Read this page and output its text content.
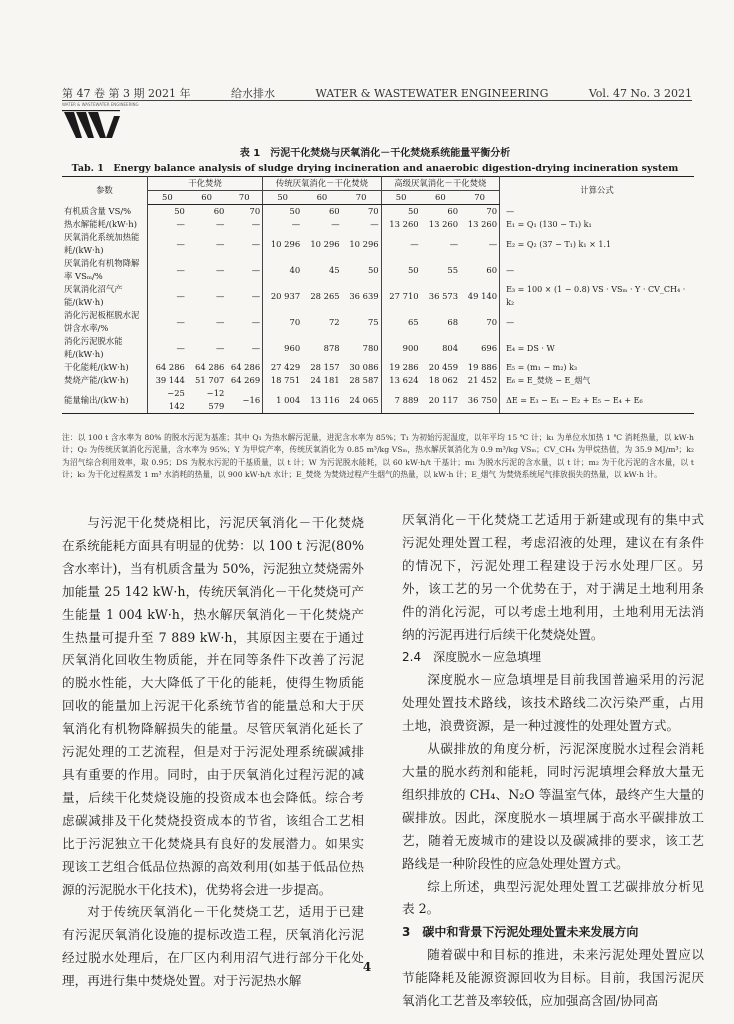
第 47 卷 第 3 期 2021 年	给水排水	WATER & WASTEWATER ENGINEERING	Vol. 47 No. 3 2021
WATER & WASTEWATER ENGINEERING
表 1　污泥干化焚烧与厌氧消化－干化焚烧系统能量平衡分析
Tab. 1　Energy balance analysis of sludge drying incineration and anaerobic digestion-drying incineration system
参数	干化焚烧			传统厌氧消化－干化焚烧			高级厌氧消化－干化焚烧			计算公式
	50	60	70	50	60	70	50	60	70	
有机质含量 VS/%	50	60	70	50	60	70	50	60	70	—
热水解能耗/(kW·h)	—	—	—	—	—	—	13 260	13 260	13 260	E₁ = Q₁ (130 − T₁) k₁
厌氧消化系统加热能耗/(kW·h)	—	—	—	10 296	10 296	10 296	—	—	—	E₂ = Q₂ (37 − T₁) k₁ × 1.1
厌氧消化有机物降解率 VSₘ/%	—	—	—	40	45	50	50	55	60	—
厌氧消化沼气产能/(kW·h)	—	—	—	20 937	28 265	36 639	27 710	36 573	49 140	E₃ = 100 × (1 − 0.8) VS · VSₘ · Y · CV_CH₄ · k₂
消化污泥板框脱水泥饼含水率/%	—	—	—	70	72	75	65	68	70	—
消化污泥脱水能耗/(kW·h)	—	—	—	960	878	780	900	804	696	E₄ = DS · W
干化能耗/(kW·h)	64 286	64 286	64 286	27 429	28 157	30 086	19 286	20 459	19 886	E₅ = (m₁ − m₂) k₃
焚烧产能/(kW·h)	39 144	51 707	64 269	18 751	24 181	28 587	13 624	18 062	21 452	E₆ = E_焚烧 − E_烟气
能量输出/(kW·h)	−25 142	−12 579	−16	1 004	13 116	24 065	7 889	20 117	36 750	ΔE = E₃ − E₁ − E₂ + E₅ − E₄ + E₆
注：以 100 t 含水率为 80% 的脱水污泥为基准；其中 Q₁ 为热水解污泥量，进泥含水率为 85%；T₁ 为初始污泥温度，以年平均 15 ℃ 计；k₁ 为单位水加热 1 ℃ 消耗热量，以 kW·h 计；Q₂ 为传统厌氧消化污泥量，含水率为 95%；Y 为甲烷产率，传统厌氧消化为 0.85 m³/kg VSₘ，热水解厌氧消化为 0.9 m³/kg VSₘ；CV_CH₄ 为甲烷热值，为 35.9 MJ/m³；k₂ 为沼气综合利用效率，取 0.95；DS 为脱水污泥的干基质量，以 t 计；W 为污泥脱水能耗，以 60 kW·h/t 干基计；m₁ 为脱水污泥的含水量，以 t 计；m₂ 为干化污泥的含水量，以 t 计；k₃ 为干化过程蒸发 1 m³ 水消耗的热量，以 900 kW·h/t 水计；E_焚烧 为焚烧过程产生烟气的热量，以 kW·h 计；E_烟气 为焚烧系统尾气排放损失的热量，以 kW·h 计。

与污泥干化焚烧相比，污泥厌氧消化－干化焚烧在系统能耗方面具有明显的优势：以 100 t 污泥(80% 含水率计)，当有机质含量为 50%，污泥独立焚烧需外加能量 25 142 kW·h，传统厌氧消化－干化焚烧可产生能量 1 004 kW·h，热水解厌氧消化－干化焚烧产生热量可提升至 7 889 kW·h，其原因主要在于通过厌氧消化回收生物质能，并在同等条件下改善了污泥的脱水性能，大大降低了干化的能耗，使得生物质能回收的能量加上污泥干化系统节省的能量总和大于厌氧消化有机物降解损失的能量。尽管厌氧消化延长了污泥处理的工艺流程，但是对于污泥处理系统碳减排具有重要的作用。同时，由于厌氧消化过程污泥的减量，后续干化焚烧设施的投资成本也会降低。综合考虑碳减排及干化焚烧投资成本的节省，该组合工艺相比于污泥独立干化焚烧具有良好的发展潜力。如果实现该工艺组合低品位热源的高效利用(如基于低品位热源的污泥脱水干化技术)，优势将会进一步提高。

对于传统厌氧消化－干化焚烧工艺，适用于已建有污泥厌氧消化设施的提标改造工程，厌氧消化污泥经过脱水处理后，在厂区内利用沼气进行部分干化处理，再进行集中焚烧处置。对于污泥热水解

厌氧消化－干化焚烧工艺适用于新建或现有的集中式污泥处理处置工程，考虑沼液的处理，建议在有条件的情况下，污泥处理工程建设于污水处理厂区。另外，该工艺的另一个优势在于，对于满足土地利用条件的消化污泥，可以考虑土地利用，土地利用无法消纳的污泥再进行后续干化焚烧处置。

2.4　深度脱水－应急填埋

深度脱水－应急填埋是目前我国普遍采用的污泥处理处置技术路线，该技术路线二次污染严重，占用土地，浪费资源，是一种过渡性的处理处置方式。

从碳排放的角度分析，污泥深度脱水过程会消耗大量的脱水药剂和能耗，同时污泥填埋会释放大量无组织排放的 CH₄、N₂O 等温室气体，最终产生大量的碳排放。因此，深度脱水－填埋属于高水平碳排放工艺，随着无废城市的建设以及碳减排的要求，该工艺路线是一种阶段性的应急处理处置方式。

综上所述，典型污泥处理处置工艺碳排放分析见表 2。

3　碳中和背景下污泥处理处置未来发展方向

随着碳中和目标的推进，未来污泥处理处置应以节能降耗及能源资源回收为目标。目前，我国污泥厌氧消化工艺普及率较低，应加强高含固/协同高

4
